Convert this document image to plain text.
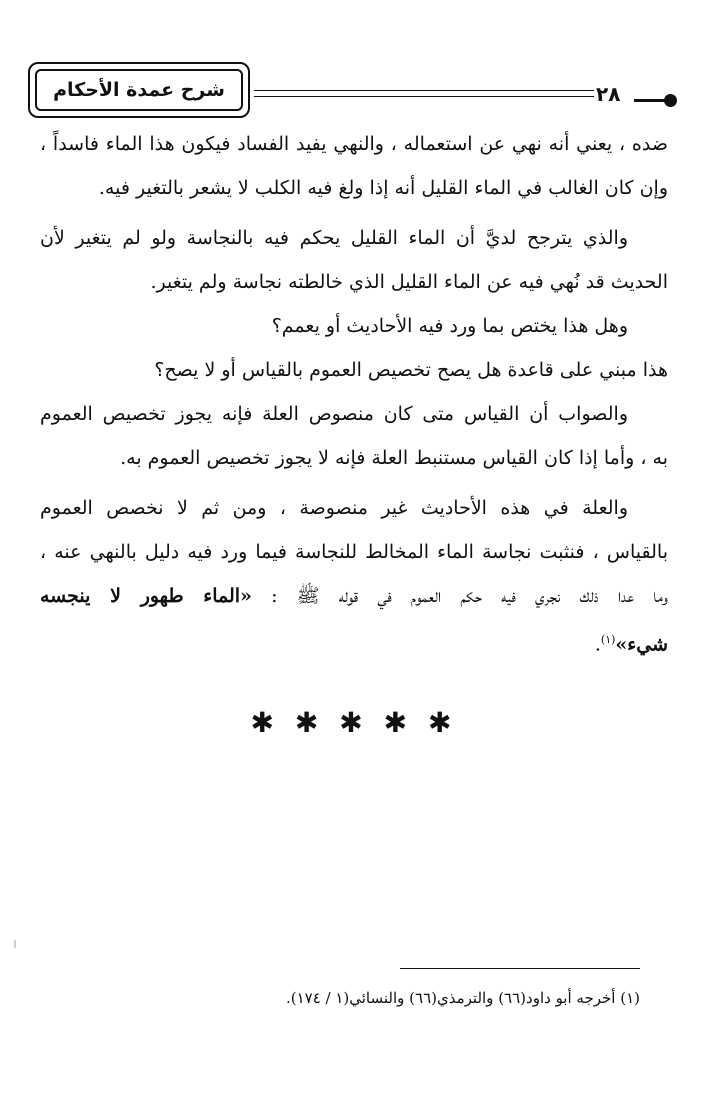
شرح عمدة الأحكام	٢٨
ضده ، يعني أنه نهي عن استعماله ، والنهي يفيد الفساد فيكون هذا الماء فاسداً ،
وإن كان الغالب في الماء القليل أنه إذا ولغ فيه الكلب لا يشعر بالتغير فيه.
والذي يترجح لديَّ أن الماء القليل يحكم فيه بالنجاسة ولو لم يتغير لأن
الحديث قد نُهي فيه عن الماء القليل الذي خالطته نجاسة ولم يتغير.
وهل هذا يختص بما ورد فيه الأحاديث أو يعمم؟
هذا مبني على قاعدة هل يصح تخصيص العموم بالقياس أو لا يصح؟
والصواب أن القياس متى كان منصوص العلة فإنه يجوز تخصيص العموم
به ، وأما إذا كان القياس مستنبط العلة فإنه لا يجوز تخصيص العموم به.
والعلة في هذه الأحاديث غير منصوصة ، ومن ثم لا نخصص العموم
بالقياس ، فنثبت نجاسة الماء المخالط للنجاسة فيما ورد فيه دليل بالنهي عنه ،
وما عدا ذلك نجري فيه حكم العموم في قوله ﷺ : «الماء طهور لا ينجسه
شيء»$^{(١)}$.
✱ ✱ ✱ ✱ ✱
(١) أخرجه أبو داود(٦٦) والترمذي(٦٦) والنسائي(١ / ١٧٤).
